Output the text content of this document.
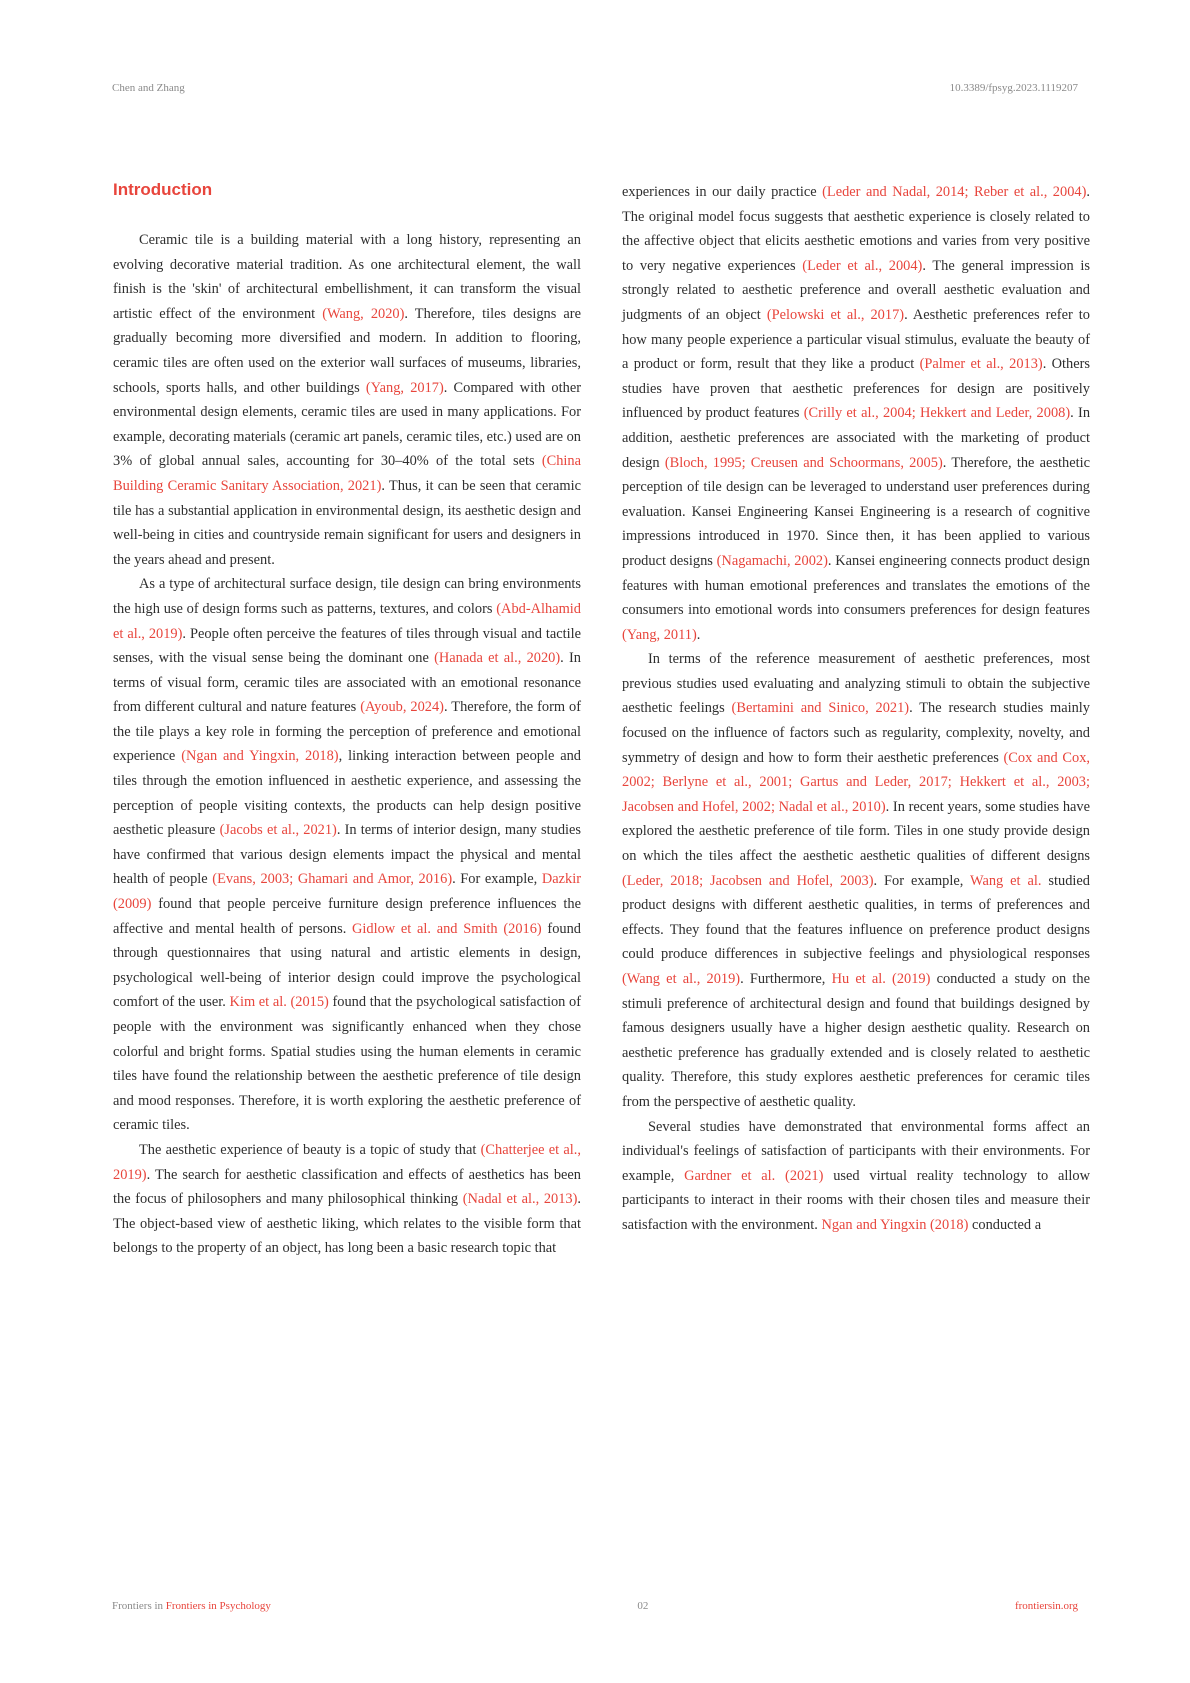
Chen and Zhang	10.3389/fpsyg.2023.1119207
Introduction

Ceramic tile is a building material with a long history, representing an evolving decorative material tradition. As one architectural element, the wall finish is the 'skin' of architectural embellishment, it can transform the visual artistic effect of the environment (Wang, 2020). Therefore, tiles designs are gradually becoming more diversified and modern. In addition to flooring, ceramic tiles are often used on the exterior wall surfaces of museums, libraries, schools, sports halls, and other buildings (Yang, 2017). Compared with other environmental design elements, ceramic tiles are used in many applications. For example, decorating materials (ceramic art panels, ceramic tiles, etc.) used are on 3% of global annual sales, accounting for 30–40% of the total sets (China Building Ceramic Sanitary Association, 2021). Thus, it can be seen that ceramic tile has a substantial application in environmental design, its aesthetic design and well-being in cities and countryside remain significant for users and designers in the years ahead and present.

As a type of architectural surface design, tile design can bring environments the high use of design forms such as patterns, textures, and colors (Abd-Alhamid et al., 2019). People often perceive the features of tiles through visual and tactile senses, with the visual sense being the dominant one (Hanada et al., 2020). In terms of visual form, ceramic tiles are associated with an emotional resonance from different cultural and nature features (Ayoub, 2024). Therefore, the form of the tile plays a key role in forming the perception of preference and emotional experience (Ngan and Yingxin, 2018), linking interaction between people and tiles through the emotion influenced in aesthetic experience, and assessing the perception of people visiting contexts, the products can help design positive aesthetic pleasure (Jacobs et al., 2021). In terms of interior design, many studies have confirmed that various design elements impact the physical and mental health of people (Evans, 2003; Ghamari and Amor, 2016). For example, Dazkir (2009) found that people perceive furniture design preference influences the affective and mental health of persons. Gidlow et al. and Smith (2016) found through questionnaires that using natural and artistic elements in design, psychological well-being of interior design could improve the psychological comfort of the user. Kim et al. (2015) found that the psychological satisfaction of people with the environment was significantly enhanced when they chose colorful and bright forms. Spatial studies using the human elements in ceramic tiles have found the relationship between the aesthetic preference of tile design and mood responses. Therefore, it is worth exploring the aesthetic preference of ceramic tiles.

The aesthetic experience of beauty is a topic of study that (Chatterjee et al., 2019). The search for aesthetic classification and effects of aesthetics has been the focus of philosophers and many philosophical thinking (Nadal et al., 2013). The object-based view of aesthetic liking, which relates to the visible form that belongs to the property of an object, has long been a basic research topic that

experiences in our daily practice (Leder and Nadal, 2014; Reber et al., 2004). The original model focus suggests that aesthetic experience is closely related to the affective object that elicits aesthetic emotions and varies from very positive to very negative experiences (Leder et al., 2004). The general impression is strongly related to aesthetic preference and overall aesthetic evaluation and judgments of an object (Pelowski et al., 2017). Aesthetic preferences refer to how many people experience a particular visual stimulus, evaluate the beauty of a product or form, result that they like a product (Palmer et al., 2013). Others studies have proven that aesthetic preferences for design are positively influenced by product features (Crilly et al., 2004; Hekkert and Leder, 2008). In addition, aesthetic preferences are associated with the marketing of product design (Bloch, 1995; Creusen and Schoormans, 2005). Therefore, the aesthetic perception of tile design can be leveraged to understand user preferences during evaluation. Kansei Engineering Kansei Engineering is a research of cognitive impressions introduced in 1970. Since then, it has been applied to various product designs (Nagamachi, 2002). Kansei engineering connects product design features with human emotional preferences and translates the emotions of the consumers into emotional words into consumers preferences for design features (Yang, 2011).

In terms of the reference measurement of aesthetic preferences, most previous studies used evaluating and analyzing stimuli to obtain the subjective aesthetic feelings (Bertamini and Sinico, 2021). The research studies mainly focused on the influence of factors such as regularity, complexity, novelty, and symmetry of design and how to form their aesthetic preferences (Cox and Cox, 2002; Berlyne et al., 2001; Gartus and Leder, 2017; Hekkert et al., 2003; Jacobsen and Hofel, 2002; Nadal et al., 2010). In recent years, some studies have explored the aesthetic preference of tile form. Tiles in one study provide design on which the tiles affect the aesthetic aesthetic qualities of different designs (Leder, 2018; Jacobsen and Hofel, 2003). For example, Wang et al. studied product designs with different aesthetic qualities, in terms of preferences and effects. They found that the features influence on preference product designs could produce differences in subjective feelings and physiological responses (Wang et al., 2019). Furthermore, Hu et al. (2019) conducted a study on the stimuli preference of architectural design and found that buildings designed by famous designers usually have a higher design aesthetic quality. Research on aesthetic preference has gradually extended and is closely related to aesthetic quality. Therefore, this study explores aesthetic preferences for ceramic tiles from the perspective of aesthetic quality.

Several studies have demonstrated that environmental forms affect an individual's feelings of satisfaction of participants with their environments. For example, Gardner et al. (2021) used virtual reality technology to allow participants to interact in their rooms with their chosen tiles and measure their satisfaction with the environment. Ngan and Yingxin (2018) conducted a

Frontiers in Frontiers in Psychology	02	frontiersin.org
